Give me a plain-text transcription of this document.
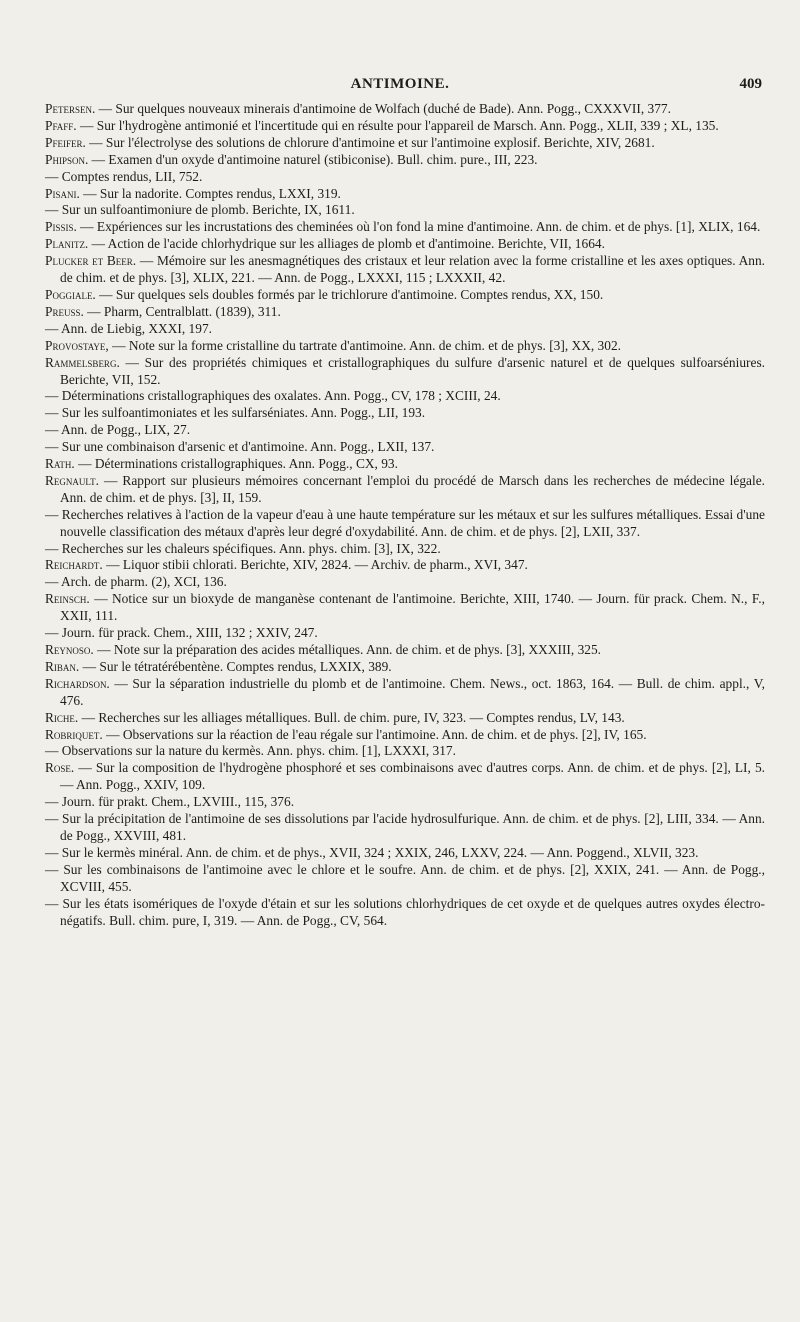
ANTIMOINE.	409

Petersen. — Sur quelques nouveaux minerais d'antimoine de Wolfach (duché de Bade). Ann. Pogg., CXXXVII, 377.

Pfaff. — Sur l'hydrogène antimonié et l'incertitude qui en résulte pour l'appareil de Marsch. Ann. Pogg., XLII, 339 ; XL, 135.

Pfeifer. — Sur l'électrolyse des solutions de chlorure d'antimoine et sur l'antimoine explosif. Berichte, XIV, 2681.

Phipson. — Examen d'un oxyde d'antimoine naturel (stibiconise). Bull. chim. pure., III, 223.

— Comptes rendus, LII, 752.

Pisani. — Sur la nadorite. Comptes rendus, LXXI, 319.

— Sur un sulfoantimoniure de plomb. Berichte, IX, 1611.

Pissis. — Expériences sur les incrustations des cheminées où l'on fond la mine d'antimoine. Ann. de chim. et de phys. [1], XLIX, 164.

Planitz. — Action de l'acide chlorhydrique sur les alliages de plomb et d'antimoine. Berichte, VII, 1664.

Plucker et Beer. — Mémoire sur les anesmagnétiques des cristaux et leur relation avec la forme cristalline et les axes optiques. Ann. de chim. et de phys. [3], XLIX, 221. — Ann. de Pogg., LXXXI, 115 ; LXXXII, 42.

Poggiale. — Sur quelques sels doubles formés par le trichlorure d'antimoine. Comptes rendus, XX, 150.

Preuss. — Pharm, Centralblatt. (1839), 311.

— Ann. de Liebig, XXXI, 197.

Provostaye, — Note sur la forme cristalline du tartrate d'antimoine. Ann. de chim. et de phys. [3], XX, 302.

Rammelsberg. — Sur des propriétés chimiques et cristallographiques du sulfure d'arsenic naturel et de quelques sulfoarséniures. Berichte, VII, 152.

— Déterminations cristallographiques des oxalates. Ann. Pogg., CV, 178 ; XCIII, 24.

— Sur les sulfoantimoniates et les sulfarséniates. Ann. Pogg., LII, 193.

— Ann. de Pogg., LIX, 27.

— Sur une combinaison d'arsenic et d'antimoine. Ann. Pogg., LXII, 137.

Rath. — Déterminations cristallographiques. Ann. Pogg., CX, 93.

Regnault. — Rapport sur plusieurs mémoires concernant l'emploi du procédé de Marsch dans les recherches de médecine légale. Ann. de chim. et de phys. [3], II, 159.

— Recherches relatives à l'action de la vapeur d'eau à une haute température sur les métaux et sur les sulfures métalliques. Essai d'une nouvelle classification des métaux d'après leur degré d'oxydabilité. Ann. de chim. et de phys. [2], LXII, 337.

— Recherches sur les chaleurs spécifiques. Ann. phys. chim. [3], IX, 322.

Reichardt. — Liquor stibii chlorati. Berichte, XIV, 2824. — Archiv. de pharm., XVI, 347.

— Arch. de pharm. (2), XCI, 136.

Reinsch. — Notice sur un bioxyde de manganèse contenant de l'antimoine. Berichte, XIII, 1740. — Journ. für prack. Chem. N., F., XXII, 111.

— Journ. für prack. Chem., XIII, 132 ; XXIV, 247.

Reynoso. — Note sur la préparation des acides métalliques. Ann. de chim. et de phys. [3], XXXIII, 325.

Riban. — Sur le tétratérébentène. Comptes rendus, LXXIX, 389.

Richardson. — Sur la séparation industrielle du plomb et de l'antimoine. Chem. News., oct. 1863, 164. — Bull. de chim. appl., V, 476.

Riche. — Recherches sur les alliages métalliques. Bull. de chim. pure, IV, 323. — Comptes rendus, LV, 143.

Robriquet. — Observations sur la réaction de l'eau régale sur l'antimoine. Ann. de chim. et de phys. [2], IV, 165.

— Observations sur la nature du kermès. Ann. phys. chim. [1], LXXXI, 317.

Rose. — Sur la composition de l'hydrogène phosphoré et ses combinaisons avec d'autres corps. Ann. de chim. et de phys. [2], LI, 5. — Ann. Pogg., XXIV, 109.

— Journ. für prakt. Chem., LXVIII., 115, 376.

— Sur la précipitation de l'antimoine de ses dissolutions par l'acide hydrosulfurique. Ann. de chim. et de phys. [2], LIII, 334. — Ann. de Pogg., XXVIII, 481.

— Sur le kermès minéral. Ann. de chim. et de phys., XVII, 324 ; XXIX, 246, LXXV, 224. — Ann. Poggend., XLVII, 323.

— Sur les combinaisons de l'antimoine avec le chlore et le soufre. Ann. de chim. et de phys. [2], XXIX, 241. — Ann. de Pogg., XCVIII, 455.

— Sur les états isomériques de l'oxyde d'étain et sur les solutions chlorhydriques de cet oxyde et de quelques autres oxydes électro-négatifs. Bull. chim. pure, I, 319. — Ann. de Pogg., CV, 564.
